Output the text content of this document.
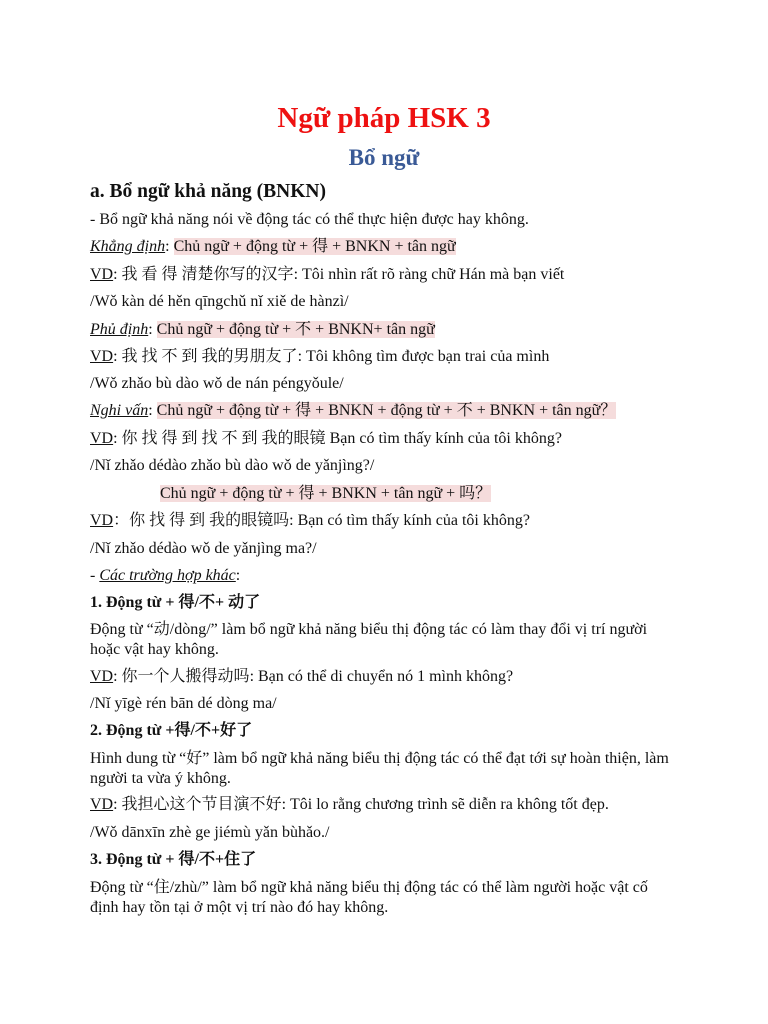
Ngữ pháp HSK 3
Bổ ngữ
a. Bổ ngữ khả năng (BNKN)
- Bổ ngữ khả năng nói về động tác có thể thực hiện được hay không.
Khẳng định: Chủ ngữ + động từ + 得 + BNKN + tân ngữ
VD: 我 看 得 清楚你写的汉字: Tôi nhìn rất rõ ràng chữ Hán mà bạn viết
/Wǒ kàn dé hěn qīngchǔ nǐ xiě de hànzì/
Phủ định: Chủ ngữ + động từ + 不 + BNKN+ tân ngữ
VD: 我 找 不 到 我的男朋友了: Tôi không tìm được bạn trai của mình
/Wǒ zhǎo bù dào wǒ de nán péngyǒule/
Nghi vấn: Chủ ngữ + động từ + 得 + BNKN + động từ + 不 + BNKN + tân ngữ？
VD: 你 找 得 到 找 不 到 我的眼镜 Bạn có tìm thấy kính của tôi không?
/Nǐ zhǎo dédào zhǎo bù dào wǒ de yǎnjìng?/
Chủ ngữ + động từ + 得 + BNKN + tân ngữ + 吗？
VD：你 找 得 到 我的眼镜吗: Bạn có tìm thấy kính của tôi không?
/Nǐ zhǎo dédào wǒ de yǎnjìng ma?/
- Các trường hợp khác:
1. Động từ + 得/不+ 动了
Động từ “动/dòng/” làm bổ ngữ khả năng biểu thị động tác có làm thay đổi vị trí người hoặc vật hay không.
VD: 你一个人搬得动吗: Bạn có thể di chuyển nó 1 mình không?
/Nǐ yīgè rén bān dé dòng ma/
2. Động từ +得/不+好了
Hình dung từ “好” làm bổ ngữ khả năng biểu thị động tác có thể đạt tới sự hoàn thiện, làm người ta vừa ý không.
VD: 我担心这个节目演不好: Tôi lo rằng chương trình sẽ diễn ra không tốt đẹp.
/Wǒ dānxīn zhè ge jiémù yǎn bùhǎo./
3. Động từ + 得/不+住了
Động từ “住/zhù/” làm bổ ngữ khả năng biểu thị động tác có thể làm người hoặc vật cố định hay tồn tại ở một vị trí nào đó hay không.
